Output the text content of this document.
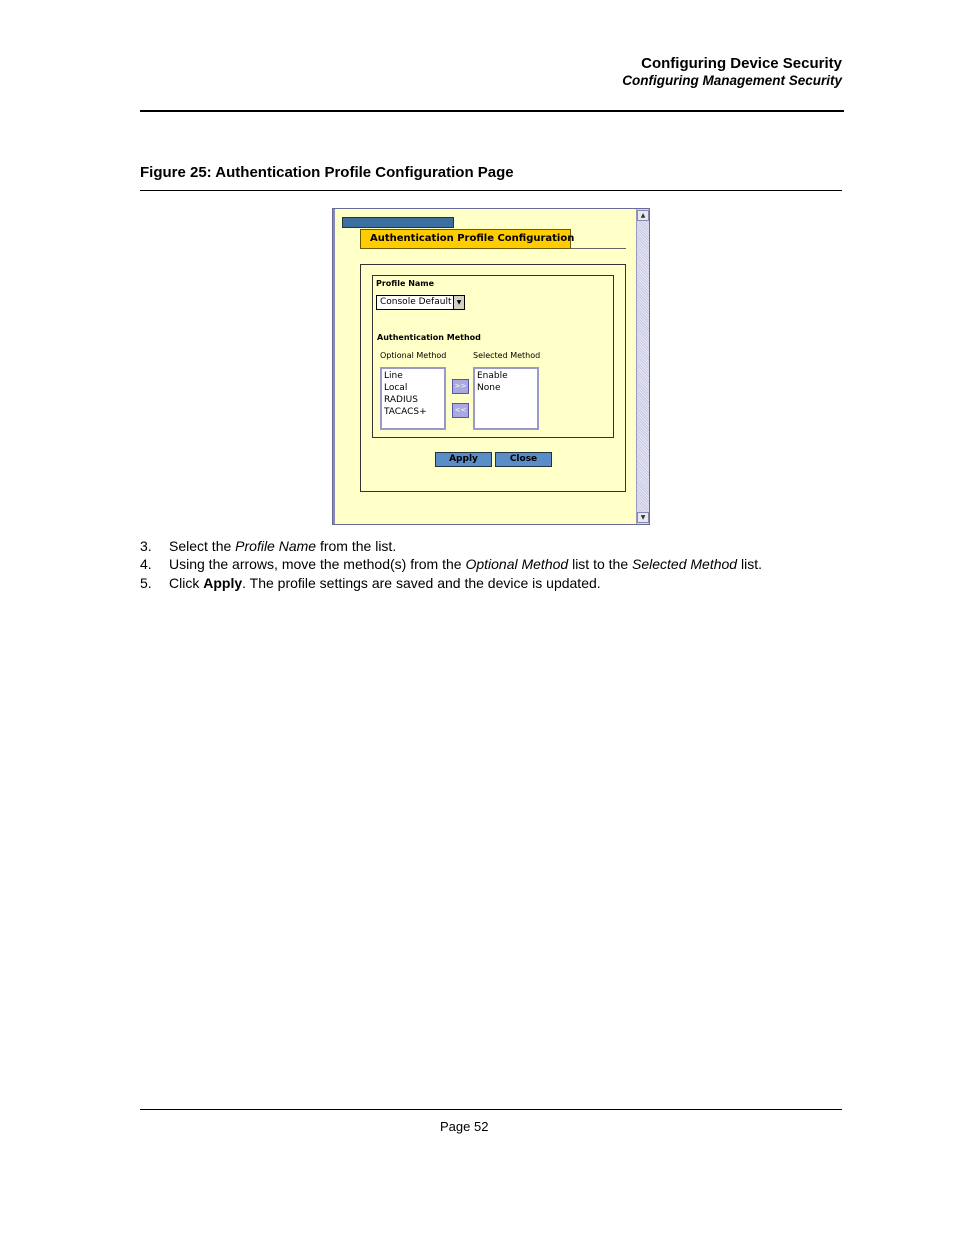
Configuring Device Security
Configuring Management Security
Figure 25: Authentication Profile Configuration Page
Authentication Profile Configuration
▲
▼
Profile Name
Console Default ▼
Authentication Method
Optional Method	Selected Method
Line
Local
RADIUS
TACACS+
>>
<<
Enable
None
Apply	Close
3. Select the Profile Name from the list.
4. Using the arrows, move the method(s) from the Optional Method list to the Selected Method list.
5. Click Apply. The profile settings are saved and the device is updated.
Page 52
